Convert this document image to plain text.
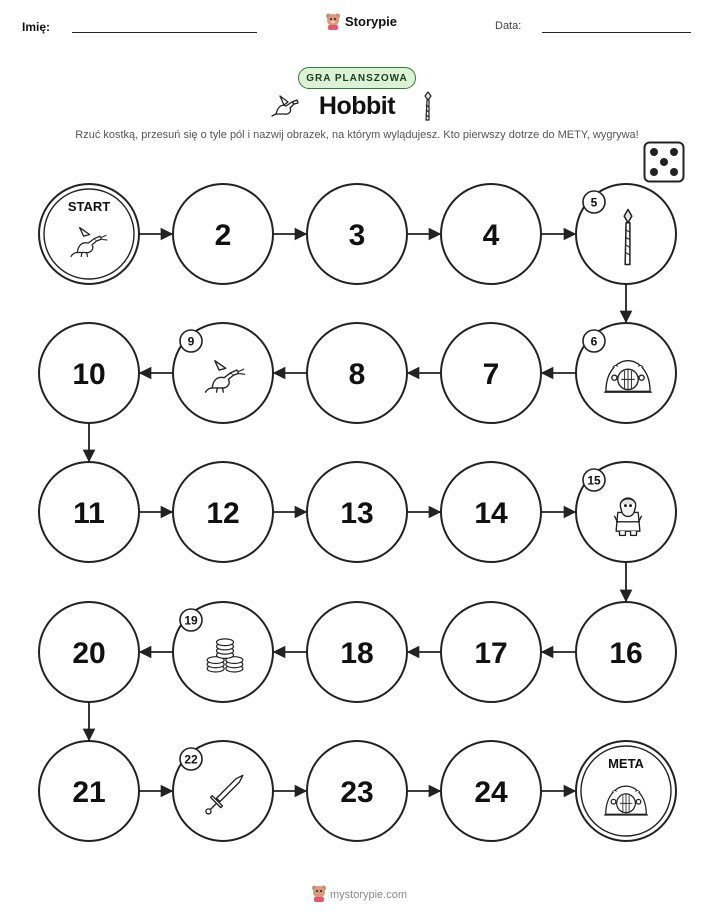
Imię:	Storypie	Data:
GRA PLANSZOWA
Hobbit
Rzuć kostką, przesuń się o tyle pól i nazwij obrazek, na którym wylądujesz. Kto pierwszy dotrze do METY, wygrywa!
START
2	3	4
5
6
7
8
9
10
11	12	13	14
15
16
17
18
19
20
21
22
23	24
META
mystorypie.com
